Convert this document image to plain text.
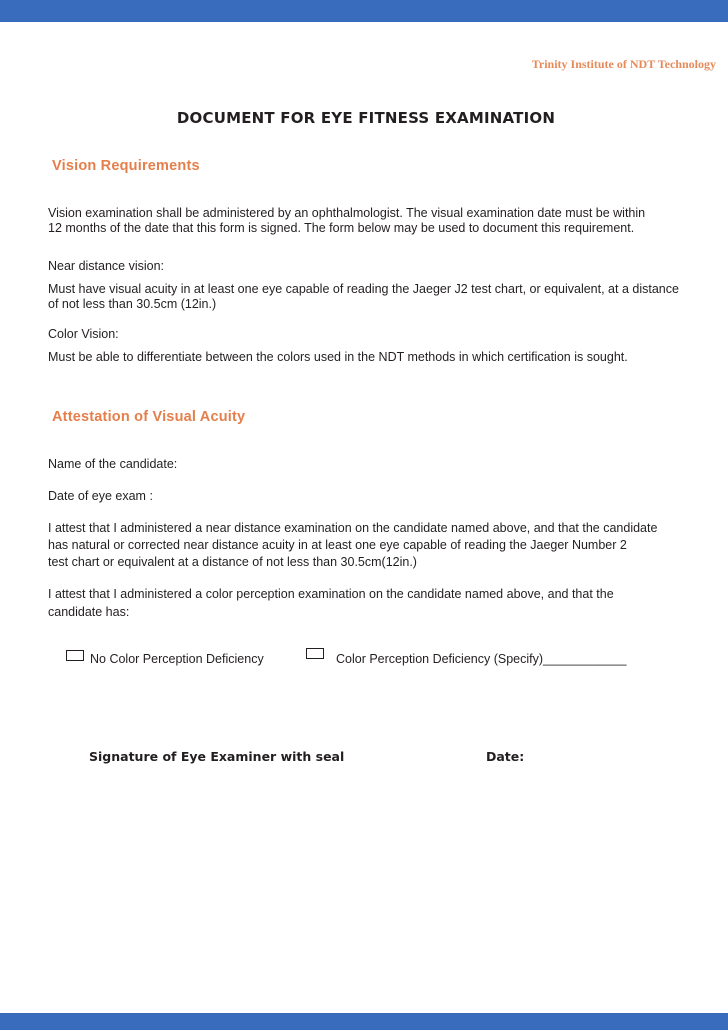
Trinity Institute of NDT Technology
DOCUMENT FOR EYE FITNESS EXAMINATION
Vision Requirements
Vision examination shall be administered by an ophthalmologist. The visual examination date must be within
12 months of the date that this form is signed. The form below may be used to document this requirement.
Near distance vision:
Must have visual acuity in at least one eye capable of reading the Jaeger J2 test chart, or equivalent, at a distance
of not less than 30.5cm (12in.)
Color Vision:
Must be able to differentiate between the colors used in the NDT methods in which certification is sought.
Attestation of Visual Acuity
Name of the candidate:
Date of eye exam :
I attest that I administered a near distance examination on the candidate named above, and that the candidate
has natural or corrected near distance acuity in at least one eye capable of reading the Jaeger Number 2
test chart or equivalent at a distance of not less than 30.5cm(12in.)
I attest that I administered a color perception examination on the candidate named above, and that the
candidate has:
No Color Perception Deficiency	Color Perception Deficiency (Specify)____________
Signature of Eye Examiner with seal	Date:
